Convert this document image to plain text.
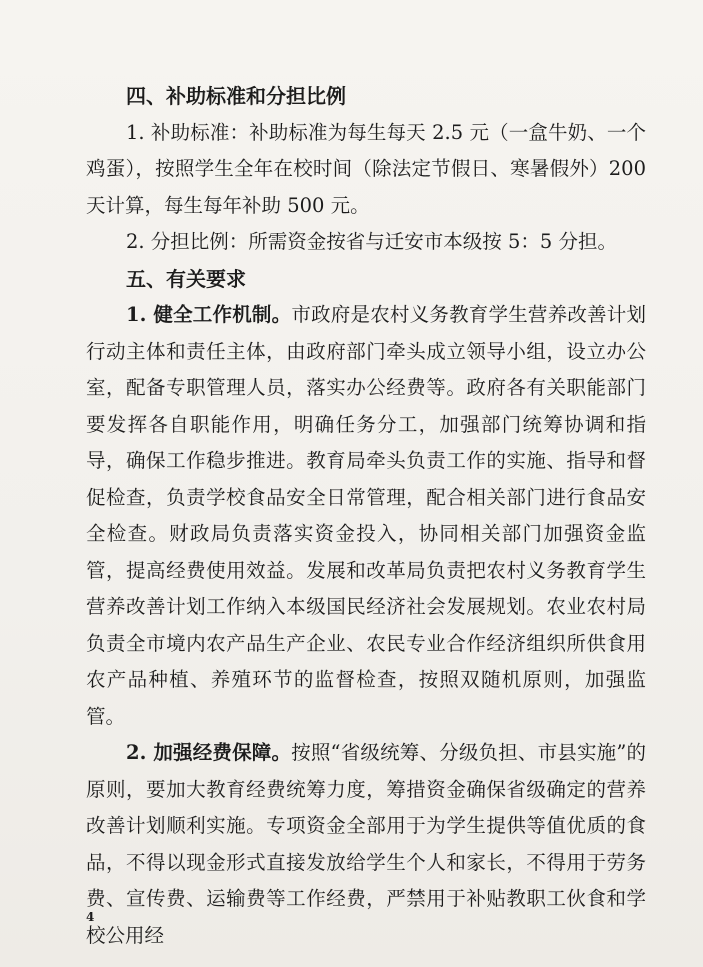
四、补助标准和分担比例

1. 补助标准：补助标准为每生每天 2.5 元（一盒牛奶、一个鸡蛋），按照学生全年在校时间（除法定节假日、寒暑假外）200 天计算，每生每年补助 500 元。

2. 分担比例：所需资金按省与迁安市本级按 5：5 分担。

五、有关要求

1. 健全工作机制。市政府是农村义务教育学生营养改善计划行动主体和责任主体，由政府部门牵头成立领导小组，设立办公室，配备专职管理人员，落实办公经费等。政府各有关职能部门要发挥各自职能作用，明确任务分工，加强部门统筹协调和指导，确保工作稳步推进。教育局牵头负责工作的实施、指导和督促检查，负责学校食品安全日常管理，配合相关部门进行食品安全检查。财政局负责落实资金投入，协同相关部门加强资金监管，提高经费使用效益。发展和改革局负责把农村义务教育学生营养改善计划工作纳入本级国民经济社会发展规划。农业农村局负责全市境内农产品生产企业、农民专业合作经济组织所供食用农产品种植、养殖环节的监督检查，按照双随机原则，加强监管。

2. 加强经费保障。按照“省级统筹、分级负担、市县实施”的原则，要加大教育经费统筹力度，筹措资金确保省级确定的营养改善计划顺利实施。专项资金全部用于为学生提供等值优质的食品，不得以现金形式直接发放给学生个人和家长，不得用于劳务费、宣传费、运输费等工作经费，严禁用于补贴教职工伙食和学校公用经

4
